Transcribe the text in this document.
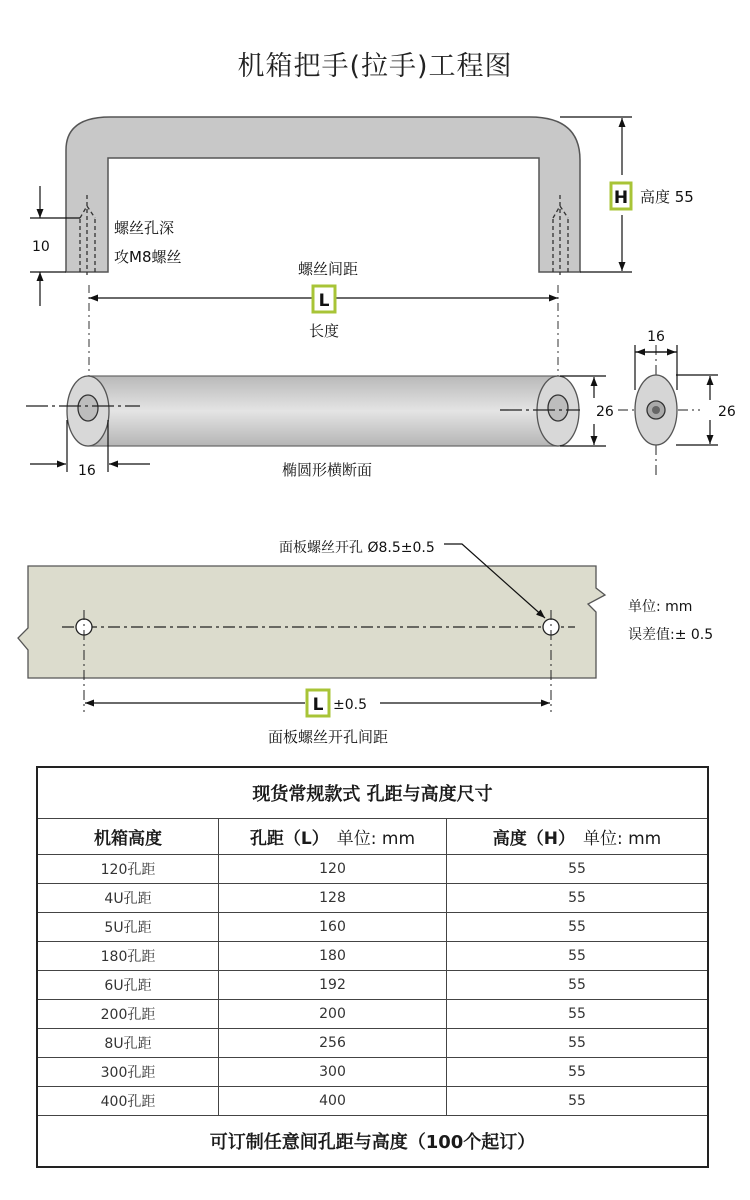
机箱把手(拉手)工程图
10
螺丝孔深
攻M8螺丝
H 高度 55
螺丝间距
L
长度
16
26
椭圆形横断面
16
26
面板螺丝开孔 Ø8.5±0.5
L ±0.5
面板螺丝开孔间距
单位: mm
误差值:± 0.5
现货常规款式 孔距与高度尺寸		
机箱高度	孔距（L） 单位: mm	高度（H） 单位: mm
120孔距	120	55
4U孔距	128	55
5U孔距	160	55
180孔距	180	55
6U孔距	192	55
200孔距	200	55
8U孔距	256	55
300孔距	300	55
400孔距	400	55
可订制任意间孔距与高度（100个起订）		
